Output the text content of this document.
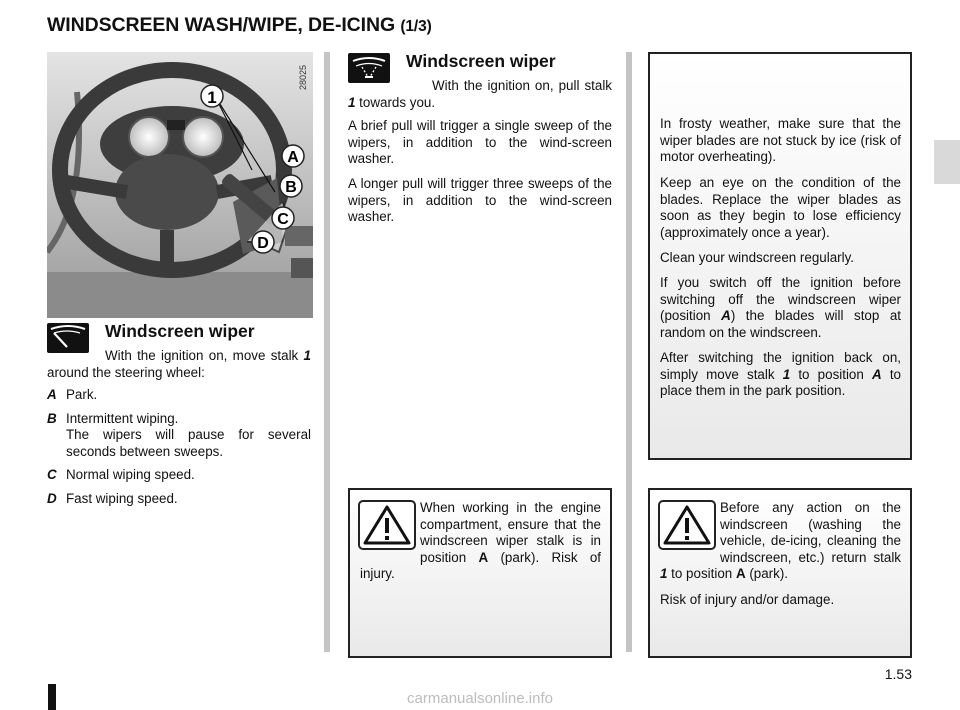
WINDSCREEN WASH/WIPE, DE-ICING (1/3)
1
A
B
C
D
28025
Windscreen wiper
With the ignition on, move stalk 1 around the steering wheel:
A Park.
B Intermittent wiping.

The wipers will pause for several seconds between sweeps.
C Normal wiping speed.
D Fast wiping speed.
Windscreen wiper
With the ignition on, pull stalk 1 towards you.
A brief pull will trigger a single sweep of the wipers, in addition to the wind-screen washer.
A longer pull will trigger three sweeps of the wipers, in addition to the wind-screen washer.
In frosty weather, make sure that the wiper blades are not stuck by ice (risk of motor overheating).
Keep an eye on the condition of the blades. Replace the wiper blades as soon as they begin to lose efficiency (approximately once a year).
Clean your windscreen regularly.
If you switch off the ignition before switching off the windscreen wiper (position A) the blades will stop at random on the windscreen.
After switching the ignition back on, simply move stalk 1 to position A to place them in the park position.
When working in the engine compartment, ensure that the windscreen wiper stalk is in position A (park). Risk of injury.
Before any action on the windscreen (washing the vehicle, de-icing, cleaning the windscreen, etc.) return stalk 1 to position A (park).
Risk of injury and/or damage.
1.53
carmanualsonline.info
